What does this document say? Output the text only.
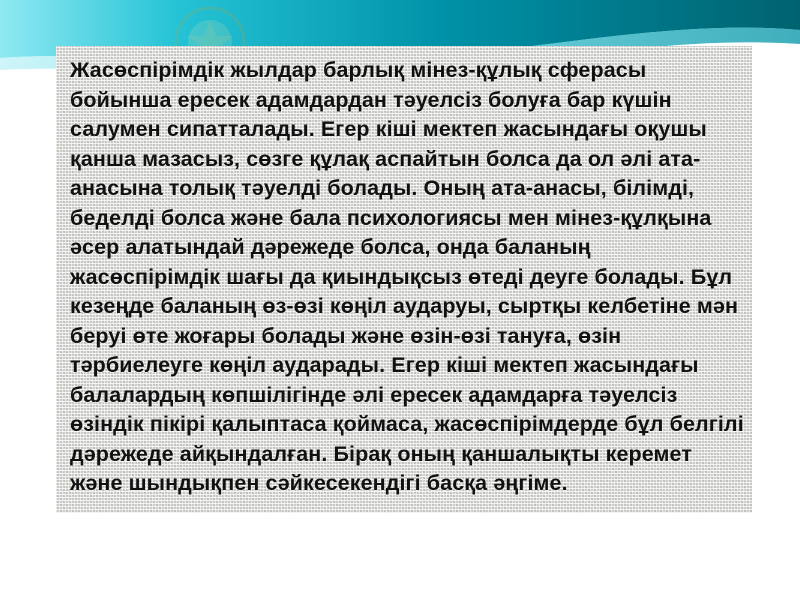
Жасөспірімдік жылдар барлық мінез-құлық сферасы бойынша ересек адамдардан тәуелсіз болуға бар күшін салумен сипатталады. Егер кіші мектеп жасындағы оқушы қанша мазасыз, сөзге құлақ аспайтын болса да ол әлі ата-анасына толық тәуелді болады. Оның ата-анасы, білімді, беделді болса және бала психологиясы мен мінез-құлқына әсер алатындай дәрежеде болса, онда баланың жасөспірімдік шағы да қиындықсыз өтеді деуге болады. Бұл кезеңде баланың өз-өзі көңіл аударуы, сыртқы келбетіне мән беруі өте жоғары болады және өзін-өзі тануға, өзін тәрбиелеуге көңіл аударады. Егер кіші мектеп жасындағы балалардың көпшілігінде әлі ересек адамдарға тәуелсіз өзіндік пікірі қалыптаса қоймаса, жасөспірімдерде бұл белгілі дәрежеде айқындалған. Бірақ оның қаншалықты керемет және шындықпен сәйкесекендігі басқа әңгіме.
